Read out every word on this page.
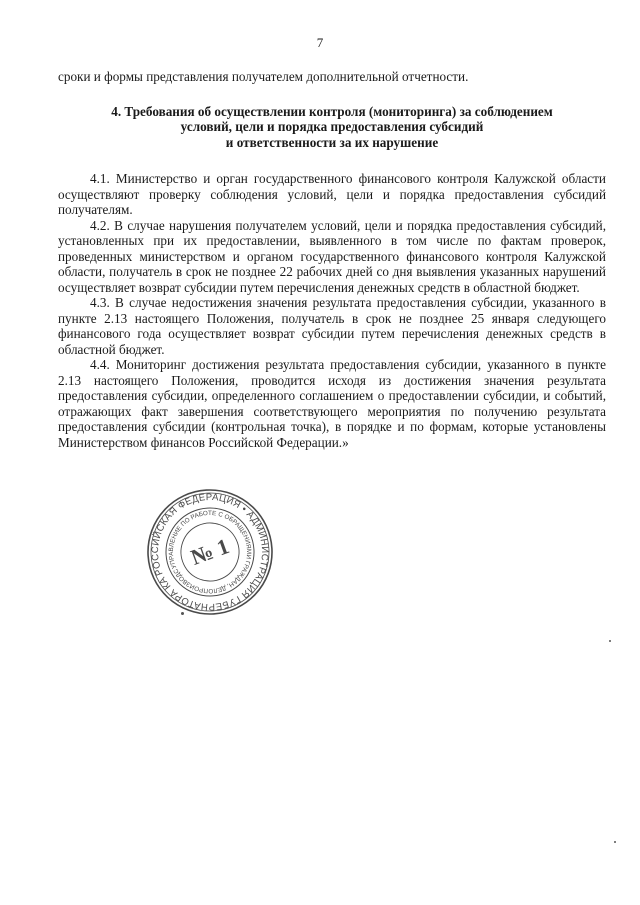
7

сроки и формы представления получателем дополнительной отчетности.

4. Требования об осуществлении контроля (мониторинга) за соблюдением
условий, цели и порядка предоставления субсидий
и ответственности за их нарушение

4.1. Министерство и орган государственного финансового контроля Калужской области осуществляют проверку соблюдения условий, цели и порядка предоставления субсидий получателям.

4.2. В случае нарушения получателем условий, цели и порядка предоставления субсидий, установленных при их предоставлении, выявленного в том числе по фактам проверок, проведенных министерством и органом государственного финансового контроля Калужской области, получатель в срок не позднее 22 рабочих дней со дня выявления указанных нарушений осуществляет возврат субсидии путем перечисления денежных средств в областной бюджет.

4.3. В случае недостижения значения результата предоставления субсидии, указанного в пункте 2.13 настоящего Положения, получатель в срок не позднее 25 января следующего финансового года осуществляет возврат субсидии путем перечисления денежных средств в областной бюджет.

4.4. Мониторинг достижения результата предоставления субсидии, указанного в пункте 2.13 настоящего Положения, проводится исходя из достижения значения результата предоставления субсидии, определенного соглашением о предоставлении субсидии, и событий, отражающих факт завершения соответствующего мероприятия по получению результата предоставления субсидии (контрольная точка), в порядке и по формам, которые установлены Министерством финансов Российской Федерации.»

РОССИЙСКАЯ ФЕДЕРАЦИЯ • АДМИНИСТРАЦИЯ ГУБЕРНАТОРА КАЛУЖСКОЙ
УПРАВЛЕНИЕ ПО РАБОТЕ С ОБРАЩЕНИЯМИ ГРАЖДАН, ДЕЛОПРОИЗВОДСТВА
№ 1
